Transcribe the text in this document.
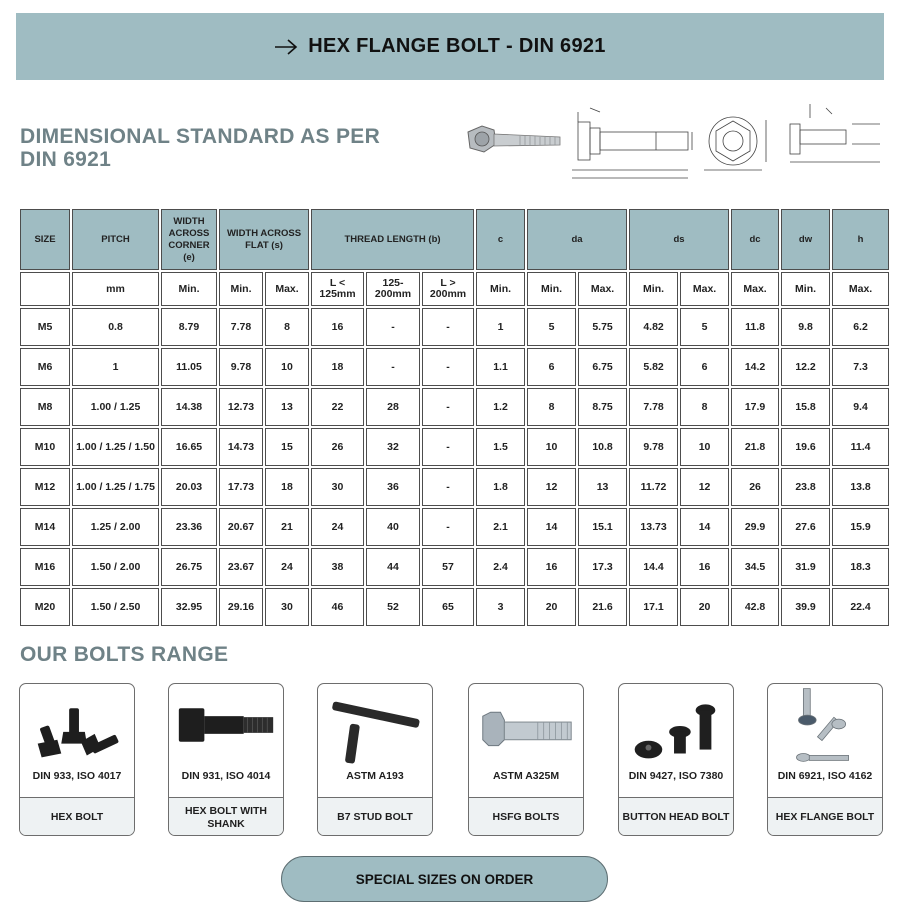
HEX FLANGE BOLT - DIN 6921
DIMENSIONAL STANDARD AS PER
DIN 6921
SIZE	PITCH	WIDTH ACROSS CORNER (e)	WIDTH ACROSS FLAT (s)		THREAD LENGTH (b)			c	da		ds		dc	dw	h
	mm	Min.	Min.	Max.	L < 125mm	125-200mm	L > 200mm	Min.	Min.	Max.	Min.	Max.	Max.	Min.	Max.
M5	0.8	8.79	7.78	8	16	-	-	1	5	5.75	4.82	5	11.8	9.8	6.2
M6	1	11.05	9.78	10	18	-	-	1.1	6	6.75	5.82	6	14.2	12.2	7.3
M8	1.00 / 1.25	14.38	12.73	13	22	28	-	1.2	8	8.75	7.78	8	17.9	15.8	9.4
M10	1.00 / 1.25 / 1.50	16.65	14.73	15	26	32	-	1.5	10	10.8	9.78	10	21.8	19.6	11.4
M12	1.00 / 1.25 / 1.75	20.03	17.73	18	30	36	-	1.8	12	13	11.72	12	26	23.8	13.8
M14	1.25 / 2.00	23.36	20.67	21	24	40	-	2.1	14	15.1	13.73	14	29.9	27.6	15.9
M16	1.50 / 2.00	26.75	23.67	24	38	44	57	2.4	16	17.3	14.4	16	34.5	31.9	18.3
M20	1.50 / 2.50	32.95	29.16	30	46	52	65	3	20	21.6	17.1	20	42.8	39.9	22.4
OUR BOLTS RANGE
DIN 933, ISO 4017
HEX BOLT
DIN 931, ISO 4014
HEX BOLT WITH SHANK
ASTM A193
B7 STUD BOLT
ASTM A325M
HSFG BOLTS
DIN 9427, ISO 7380
BUTTON HEAD BOLT
DIN 6921, ISO 4162
HEX FLANGE BOLT
SPECIAL SIZES ON ORDER
